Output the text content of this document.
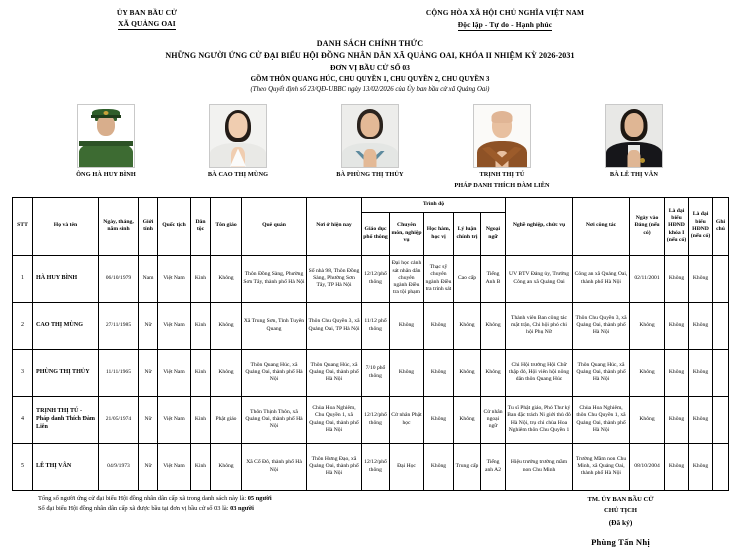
ỦY BAN BẦU CỬ
XÃ QUẢNG OAI
CỘNG HÒA XÃ HỘI CHỦ NGHĨA VIỆT NAM
Độc lập - Tự do - Hạnh phúc
DANH SÁCH CHÍNH THỨC
NHỮNG NGƯỜI ỨNG CỬ ĐẠI BIỂU HỘI ĐỒNG NHÂN DÂN XÃ QUẢNG OAI, KHÓA II NHIỆM KỲ 2026-2031
ĐƠN VỊ BẦU CỬ SỐ 03
GỒM THÔN QUANG HÚC, CHU QUYỀN 1, CHU QUYỀN 2, CHU QUYỀN 3
(Theo Quyết định số 23/QĐ-UBBC ngày 13/02/2026 của Ủy ban bầu cử xã Quảng Oai)
ÔNG HÀ HUY BÌNH	BÀ CAO THỊ MÙNG	BÀ PHÙNG THỊ THỦY	TRỊNH THỊ TÚ
PHÁP DANH THÍCH ĐÀM LIÊN
BÀ LÊ THỊ VÂN
STT	Họ và tên	Ngày, tháng, năm sinh	Giới tính	Quốc tịch	Dân tộc	Tôn giáo	Quê quán	Nơi ở hiện nay	Trình độ					Nghề nghiệp, chức vụ	Nơi công tác	Ngày vào Đảng (nếu có)	Là đại biểu HĐND khóa I (nếu có)	Là đại biểu HĐND (nếu có)	Ghi chú
									Giáo dục phổ thông	Chuyên môn, nghiệp vụ	Học hàm, học vị	Lý luận chính trị	Ngoại ngữ						
1	HÀ HUY BÌNH	06/10/1979	Nam	Việt Nam	Kinh	Không	Thôn Đồng Sàng, Phường Sơn Tây, thành phố Hà Nội	Số nhà 98, Thôn Đồng Sàng, Phường Sơn Tây, TP Hà Nội	12/12/phổ thông	Đại học cảnh sát nhân dân chuyên ngành Điều tra tội phạm	Thạc sỹ chuyên ngành Điều tra trinh sát	Cao cấp	Tiếng Anh B	UV BTV Đảng ủy, Trưởng Công an xã Quảng Oai	Công an xã Quảng Oai, thành phố Hà Nội	02/11/2001	Không	Không	
2	CAO THỊ MÙNG	27/11/1985	Nữ	Việt Nam	Kinh	Không	Xã Trung Sơn, Tỉnh Tuyên Quang	Thôn Chu Quyền 3, xã Quảng Oai, TP Hà Nội	11/12 phổ thông	Không	Không	Không	Không	Thành viên Ban công tác mặt trận, Chi hội phó chi hội Phụ Nữ	Thôn Chu Quyền 3, xã Quảng Oai, thành phố Hà Nội	Không	Không	Không	
3	PHÙNG THỊ THỦY	11/11/1965	Nữ	Việt Nam	Kinh	Không	Thôn Quang Húc, xã Quảng Oai, thành phố Hà Nội	Thôn Quang Húc, xã Quảng Oai, thành phố Hà Nội	7/10 phổ thông	Không	Không	Không	Không	Chi Hội trưởng Hội Chữ thập đỏ, Hội viên hội nông dân thôn Quang Húc	Thôn Quang Húc, xã Quảng Oai, thành phố Hà Nội	Không	Không	Không	
4	TRỊNH THỊ TÚ - Pháp danh Thích Đàm Liên	21/05/1974	Nữ	Việt Nam	Kinh	Phật giáo	Thôn Thịnh Thôn, xã Quảng Oai, thành phố Hà Nội	Chùa Hoa Nghiêm, Chu Quyền 1, xã Quảng Oai, thành phố Hà Nội	12/12/phổ thông	Cử nhân Phật học	Không	Không	Cử nhân ngoại ngữ	Tu sĩ Phật giáo, Phó Thư ký Ban đặc trách Ni giới thủ đô Hà Nội, trụ chì chùa Hoa Nghiêm thôn Chu Quyền 1	Chùa Hoa Nghiêm, thôn Chu Quyền 1, xã Quảng Oai, thành phố Hà Nội	Không	Không	Không	
5	LÊ THỊ VÂN	04/9/1973	Nữ	Việt Nam	Kinh	Không	Xã Cổ Đô, thành phố Hà Nội	Thôn Hưng Đạo, xã Quảng Oai, thành phố Hà Nội	12/12/phổ thông	Đại Học	Không	Trung cấp	Tiếng anh A2	Hiệu trưởng trường mầm non Chu Minh	Trường Mầm non Chu Minh, xã Quảng Oai, thành phố Hà Nội	08/10/2004	Không	Không	
Tổng số người ứng cử đại biểu Hội đồng nhân dân cấp xã trong danh sách này là: 05 người
Số đại biểu Hội đồng nhân dân cấp xã được bầu tại đơn vị bầu cử số 03 là: 03 người
TM. ỦY BAN BẦU CỬ
CHỦ TỊCH
(Đã ký)
Phùng Tấn Nhị
